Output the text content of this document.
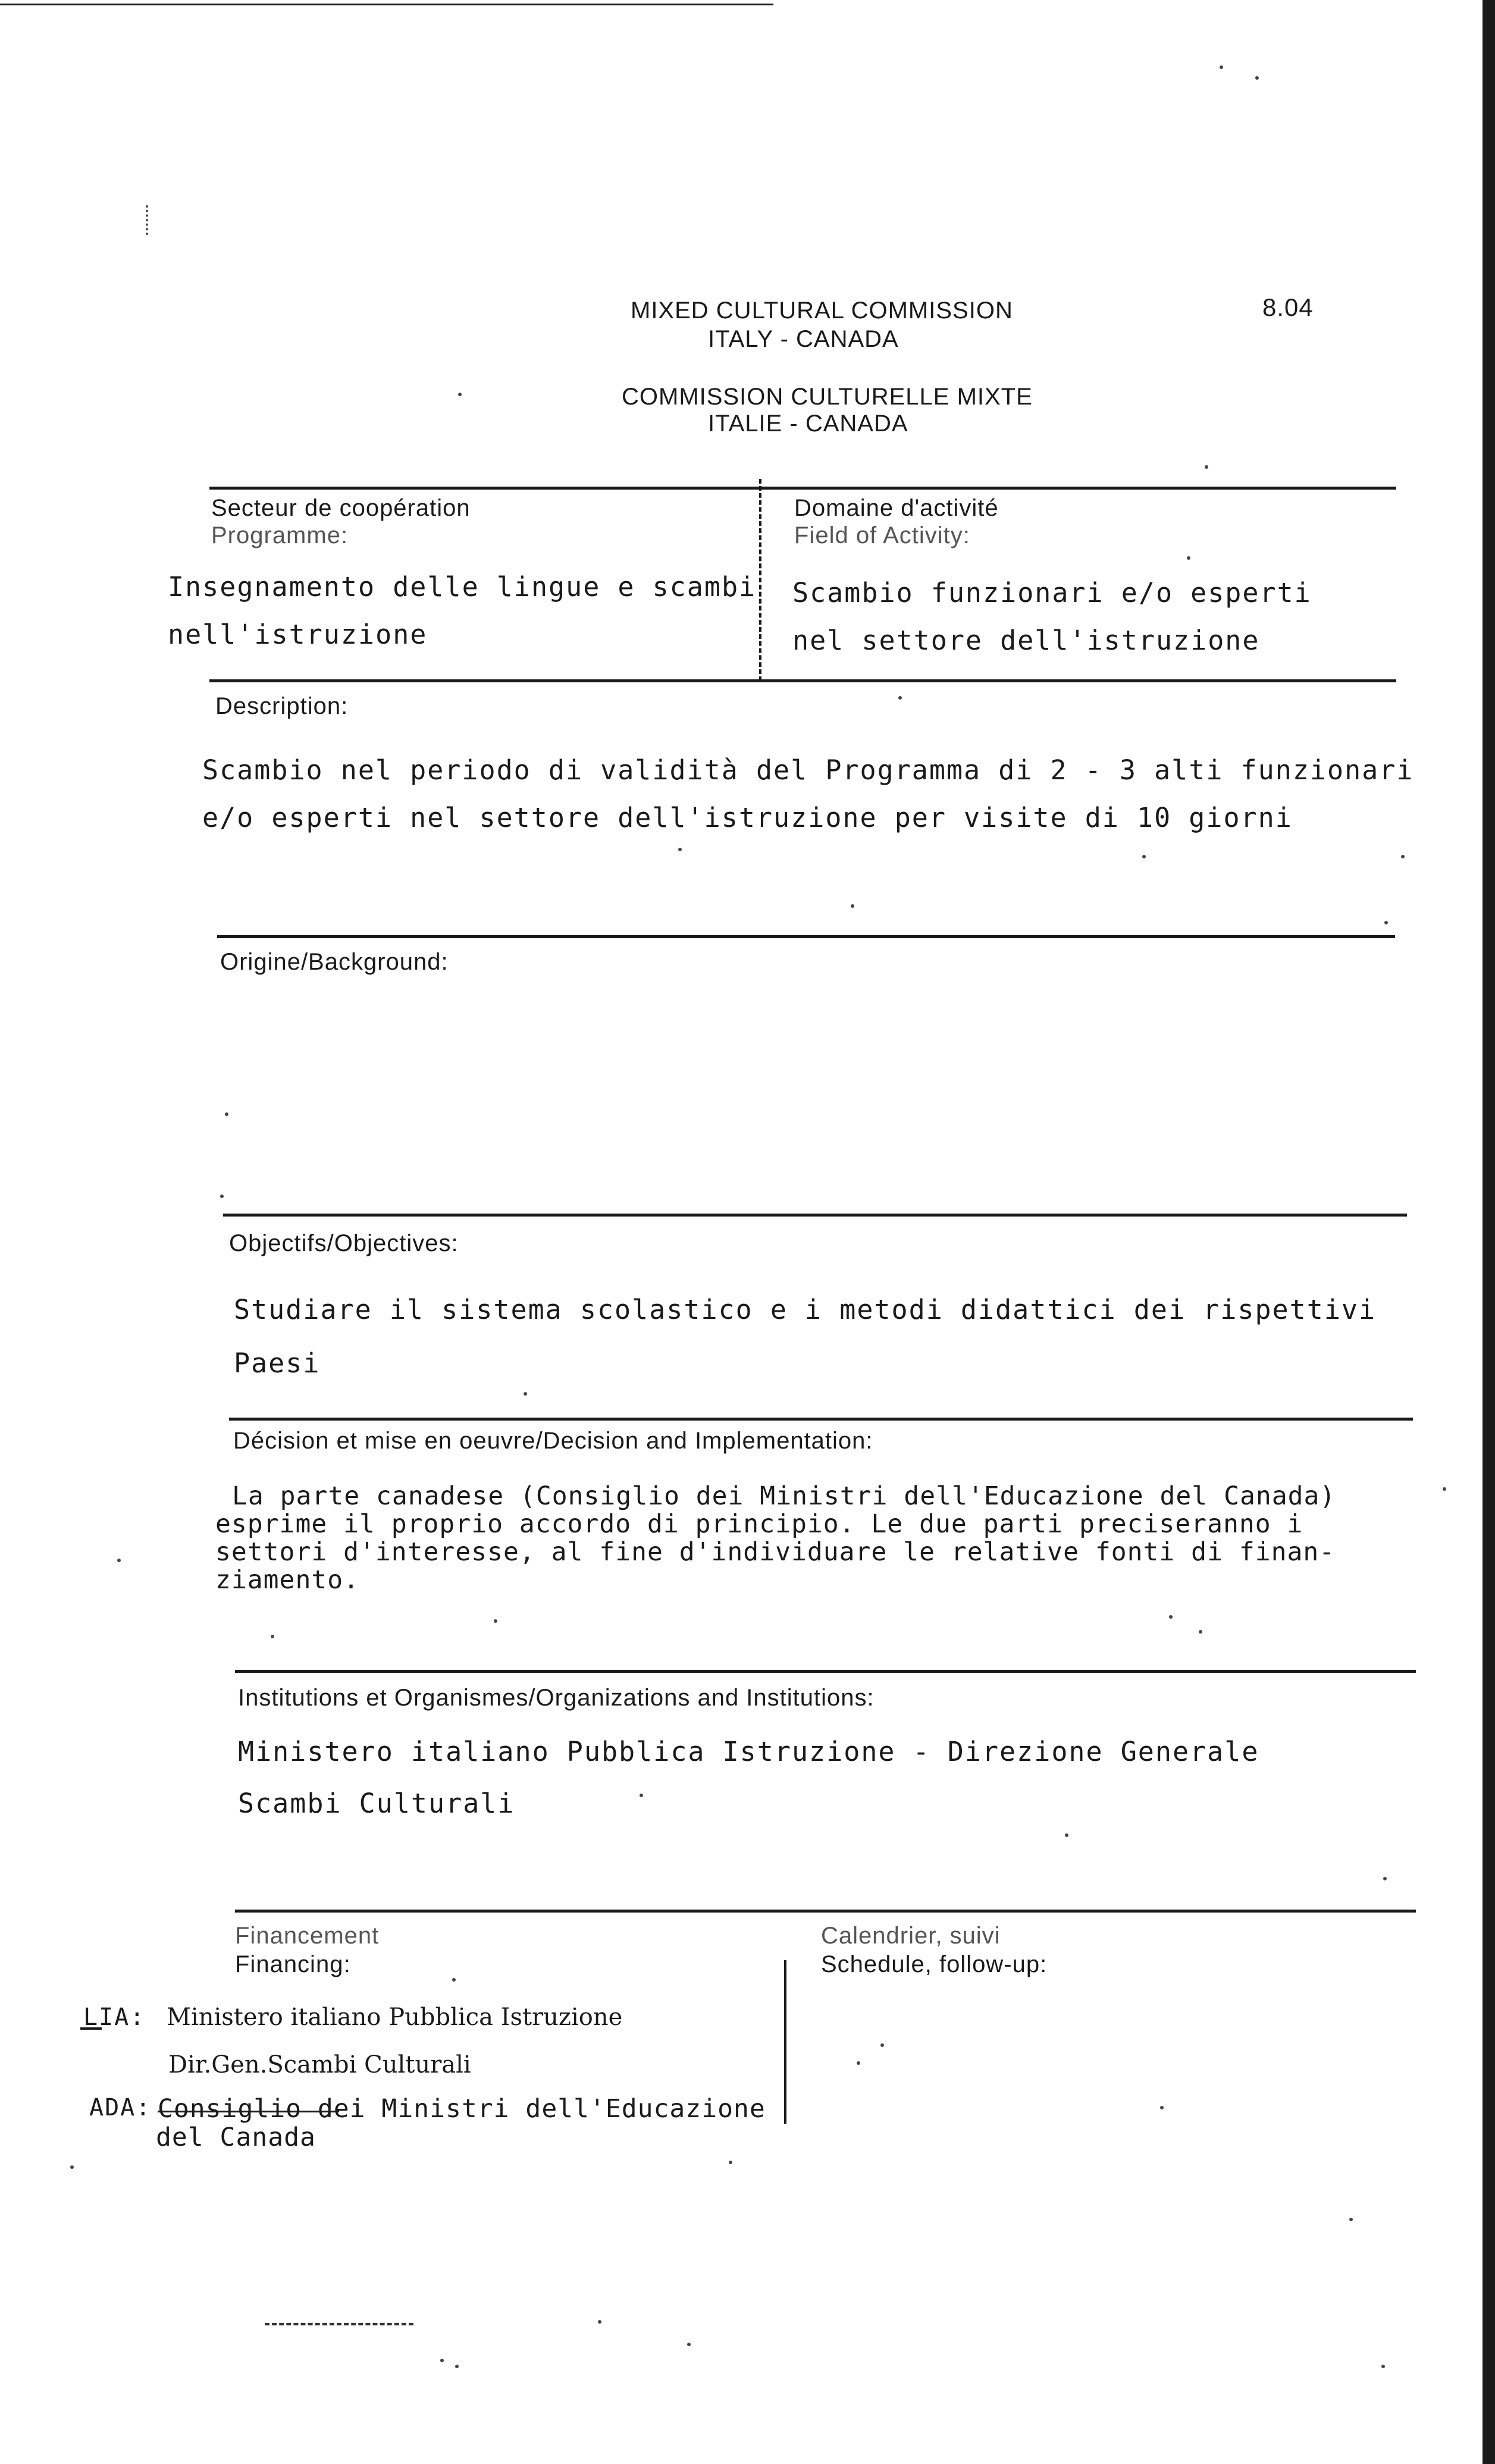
MIXED CULTURAL COMMISSION
ITALY - CANADA
8.04
COMMISSION CULTURELLE MIXTE
ITALIE - CANADA
Secteur de coopération
Programme:
Insegnamento delle lingue e scambi
nell'istruzione
Domaine d'activité
Field of Activity:
Scambio funzionari e/o esperti
nel settore dell'istruzione
Description:
Scambio nel periodo di validità del Programma di 2 - 3 alti funzionari
e/o esperti nel settore dell'istruzione per visite di 10 giorni
Origine/Background:
Objectifs/Objectives:
Studiare il sistema scolastico e i metodi didattici dei rispettivi
Paesi
Décision et mise en oeuvre/Decision and Implementation:
La parte canadese (Consiglio dei Ministri dell'Educazione del Canada)
esprime il proprio accordo di principio. Le due parti preciseranno i
settori d'interesse, al fine d'individuare le relative fonti di finan-
ziamento.
Institutions et Organismes/Organizations and Institutions:
Ministero italiano Pubblica Istruzione - Direzione Generale
Scambi Culturali
Financement
Financing:
Calendrier, suivi
Schedule, follow-up:
LIA: Ministero italiano Pubblica Istruzione
Dir.Gen.Scambi Culturali
ADA: Consiglio dei Ministri dell'Educazione
del Canada
